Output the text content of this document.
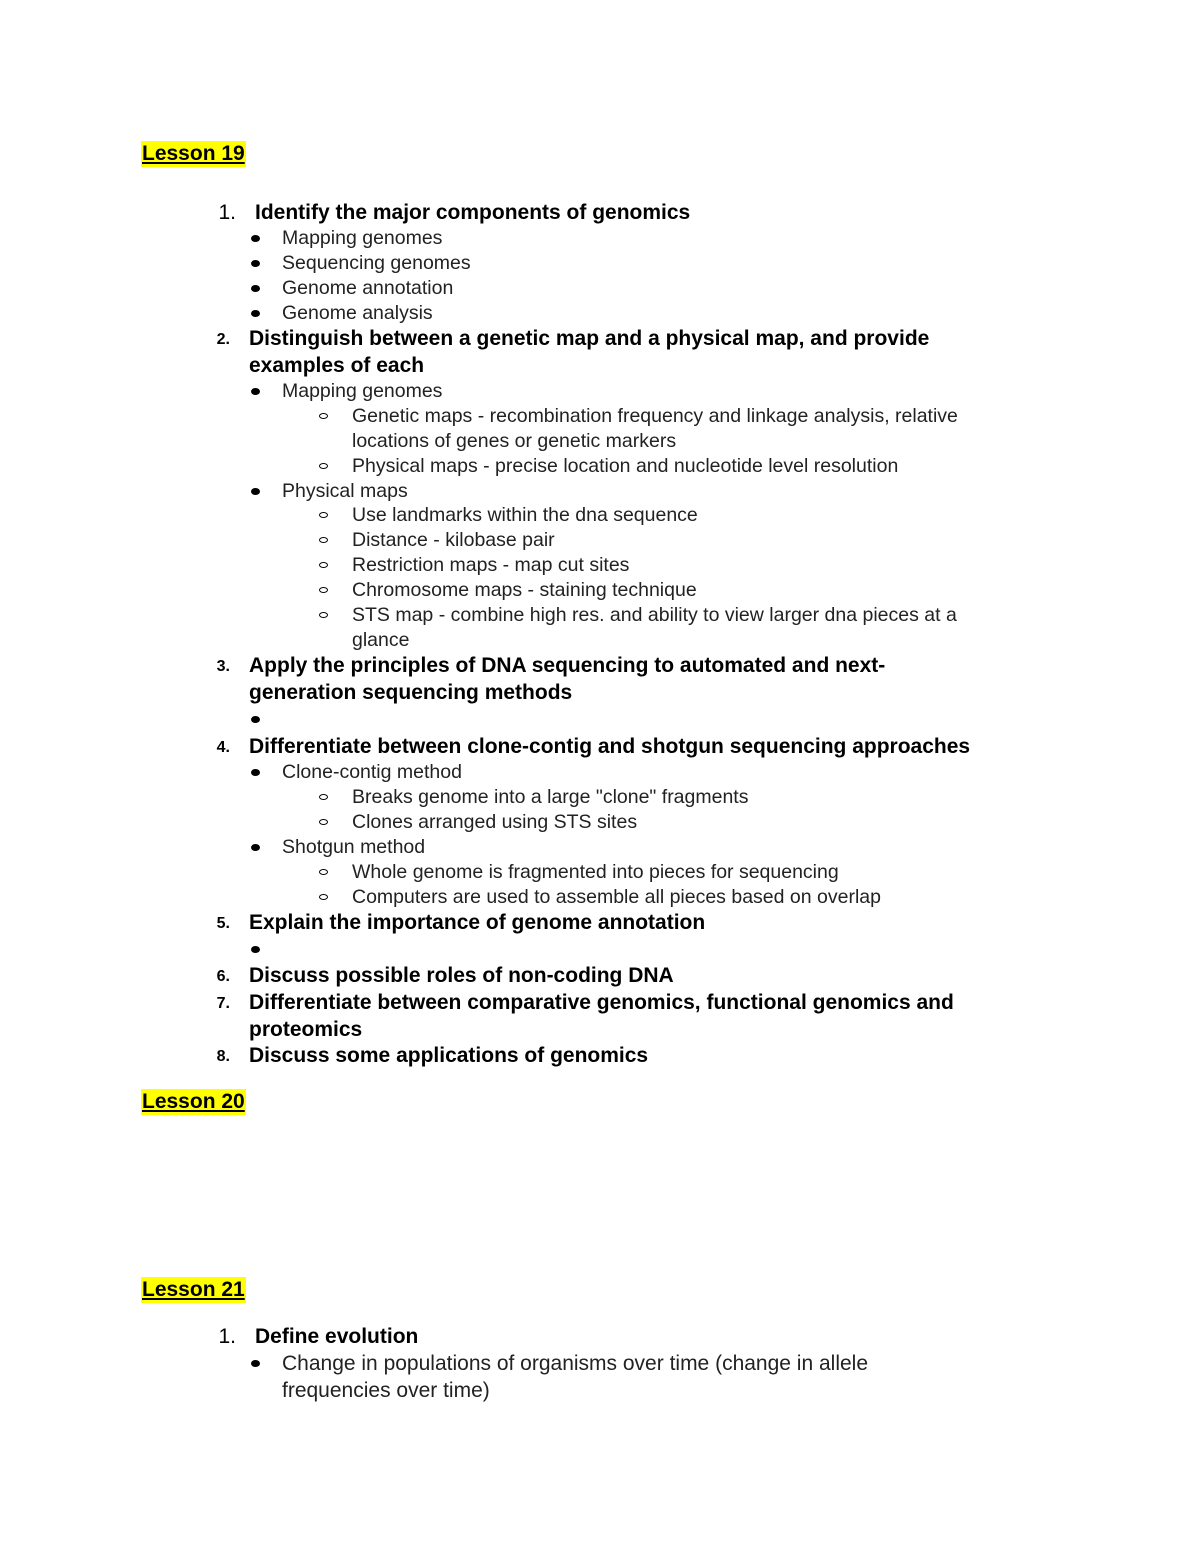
Lesson 19
1. Identify the major components of genomics
Mapping genomes
Sequencing genomes
Genome annotation
Genome analysis
2. Distinguish between a genetic map and a physical map, and provide
examples of each
Mapping genomes
Genetic maps - recombination frequency and linkage analysis, relative
locations of genes or genetic markers
Physical maps - precise location and nucleotide level resolution
Physical maps
Use landmarks within the dna sequence
Distance - kilobase pair
Restriction maps - map cut sites
Chromosome maps - staining technique
STS map - combine high res. and ability to view larger dna pieces at a
glance
3. Apply the principles of DNA sequencing to automated and next-
generation sequencing methods
4. Differentiate between clone-contig and shotgun sequencing approaches
Clone-contig method
Breaks genome into a large "clone" fragments
Clones arranged using STS sites
Shotgun method
Whole genome is fragmented into pieces for sequencing
Computers are used to assemble all pieces based on overlap
5. Explain the importance of genome annotation
6. Discuss possible roles of non-coding DNA
7. Differentiate between comparative genomics, functional genomics and
proteomics
8. Discuss some applications of genomics
Lesson 20
Lesson 21
1. Define evolution
Change in populations of organisms over time (change in allele
frequencies over time)
